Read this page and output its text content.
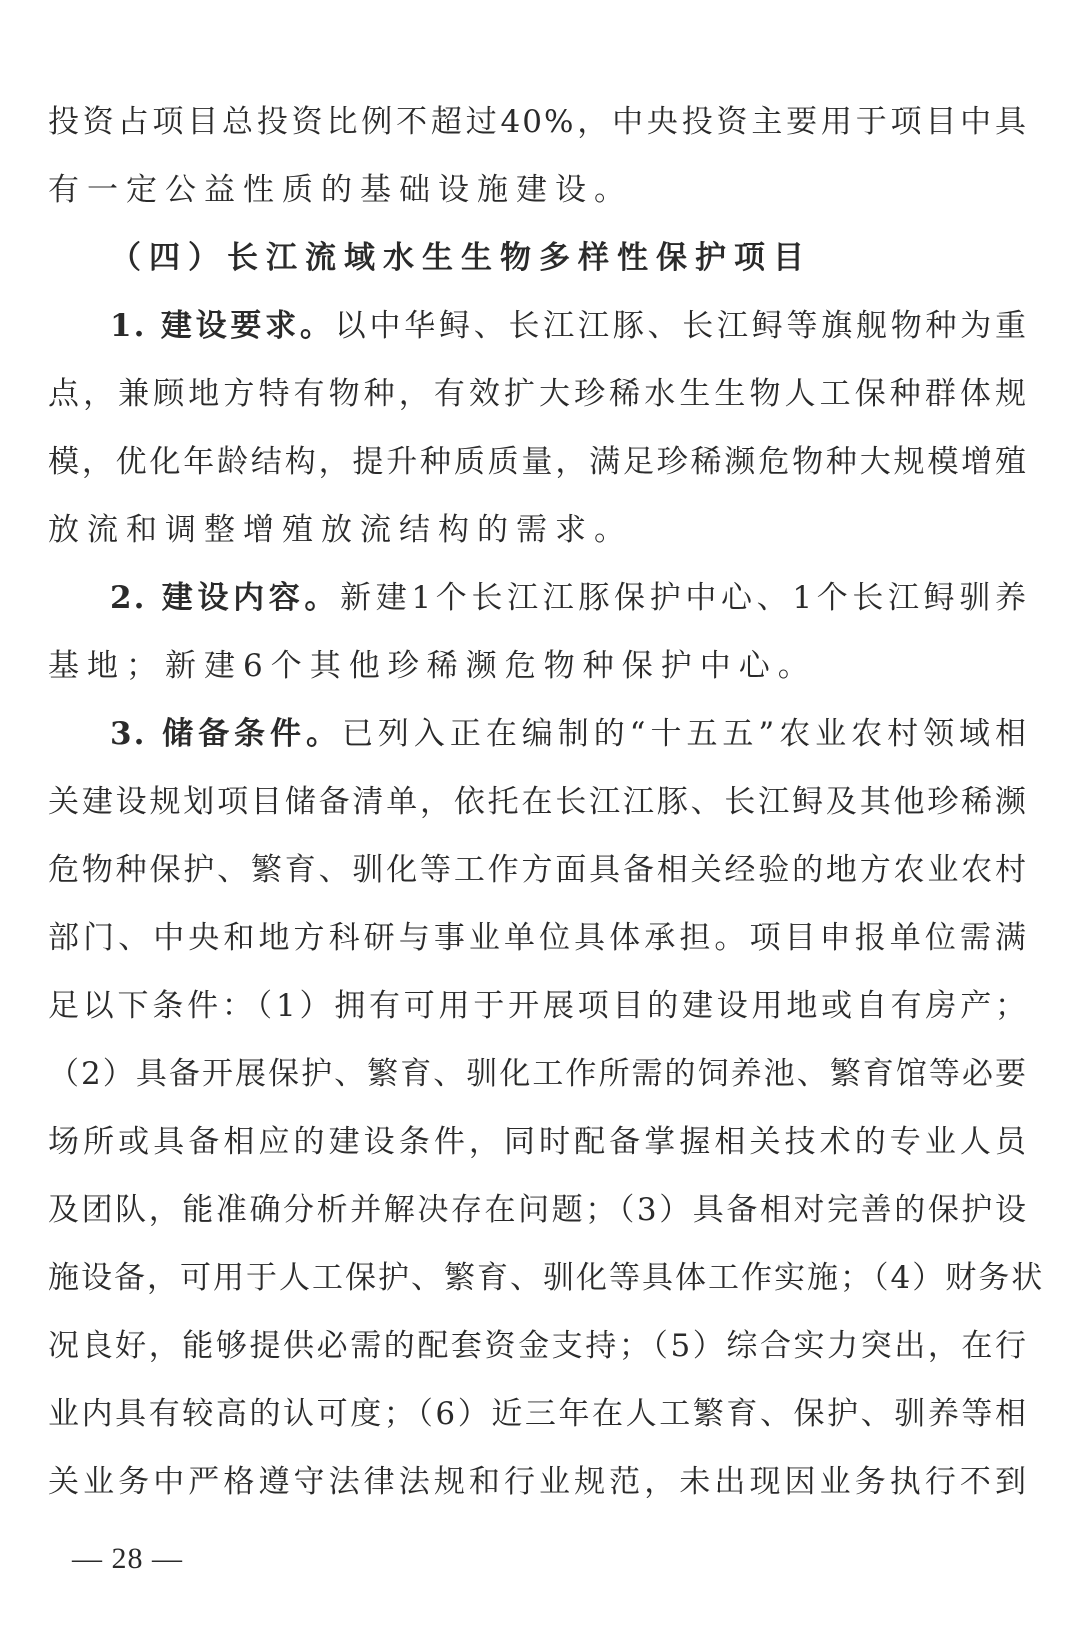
投资占项目总投资比例不超过40%，中央投资主要用于项目中具
有一定公益性质的基础设施建设。
（四）长江流域水生生物多样性保护项目
1. 建设要求。以中华鲟、长江江豚、长江鲟等旗舰物种为重
点，兼顾地方特有物种，有效扩大珍稀水生生物人工保种群体规
模，优化年龄结构，提升种质质量，满足珍稀濒危物种大规模增殖
放流和调整增殖放流结构的需求。
2. 建设内容。新建1个长江江豚保护中心、1个长江鲟驯养
基地；新建6个其他珍稀濒危物种保护中心。
3. 储备条件。已列入正在编制的“十五五”农业农村领域相
关建设规划项目储备清单，依托在长江江豚、长江鲟及其他珍稀濒
危物种保护、繁育、驯化等工作方面具备相关经验的地方农业农村
部门、中央和地方科研与事业单位具体承担。项目申报单位需满
足以下条件：（1）拥有可用于开展项目的建设用地或自有房产；
（2）具备开展保护、繁育、驯化工作所需的饲养池、繁育馆等必要
场所或具备相应的建设条件，同时配备掌握相关技术的专业人员
及团队，能准确分析并解决存在问题；（3）具备相对完善的保护设
施设备，可用于人工保护、繁育、驯化等具体工作实施；（4）财务状
况良好，能够提供必需的配套资金支持；（5）综合实力突出，在行
业内具有较高的认可度；（6）近三年在人工繁育、保护、驯养等相
关业务中严格遵守法律法规和行业规范，未出现因业务执行不到
— 28 —
